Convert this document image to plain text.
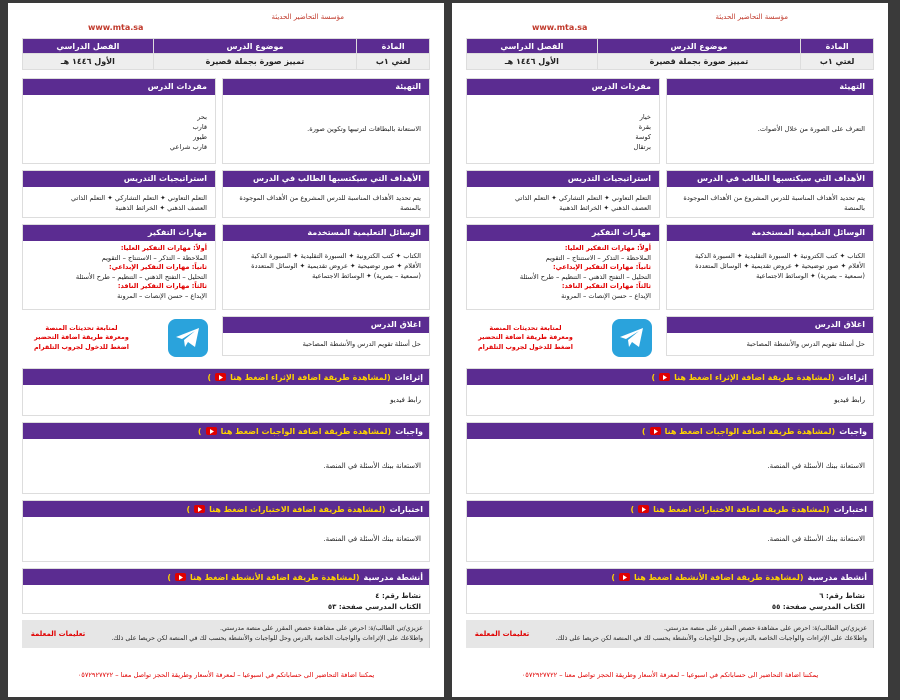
مؤسسة التحاضير الحديثة
www.mta.sa
المادة	موضوع الدرس	الفصل الدراسي
لغتي ١ب	تمييز صورة بجملة قصيرة	الأول ١٤٤٦ هـ
التهيئة
التعرف على الصورة من خلال الأصوات.
الأهداف التي سيكتسبها الطالب في الدرس
يتم تحديد الأهداف المناسبة للدرس المشروع من الأهداف الموجودة بالمنصة
الوسائل التعليمية المستخدمة
الكتاب ✦ كتب الكترونية ✦ السبورة التقليدية ✦ السبورة الذكية
الأقلام ✦ صور توضيحية ✦ عروض تقديمية ✦ الوسائل المتعددة
(سمعية – بصرية) ✦ الوسائط الاجتماعية
اغلاق الدرس
حل أسئلة تقويم الدرس والأنشطة المصاحبة
مفردات الدرس
خيار
بقرة
كوسة
برتقال
استراتيجيات التدريس
التعلم التعاوني ✦ التعلم التشاركي ✦ التعلم الذاتي
العصف الذهني ✦ الخرائط الذهنية
مهارات التفكير
أولاً: مهارات التفكير العليا:
الملاحظة – التذكر – الاستنتاج – التقويم
ثانياً: مهارات التفكير الإبداعي:
التحليل – التفتح الذهني – التنظيم – طرح الأسئلة
ثالثاً: مهارات التفكير الناقد:
الإبداع – حسن الإنصات – المرونة
لمتابعة تحديثات المنصة
ومعرفة طريقة اضافة التحضير
اضغط للدخول لجروب التلقرام
إثراءات
(لمشاهدة طريقة اضافة الإثراء اضغط هنا
)
رابط فيديو
واجبات
(لمشاهدة طريقة اضافة الواجبات اضغط هنا
)
الاستعانة ببنك الأسئلة في المنصة.
اختبارات
(لمشاهدة طريقة اضافة الاختبارات اضغط هنا
)
الاستعانة ببنك الأسئلة في المنصة.
أنشطة مدرسية
(لمشاهدة طريقة اضافة الأنشطة اضغط هنا
)
نشاط رقم: ٦
الكتاب المدرسي صفحة: ٥٥
عزيزي/تي الطالب/ة: احرص على مشاهدة حصص المقرر على منصة مدرستي.
واطلاعك على الإثراءات والواجبات الخاصة بالدرس وحل للواجبات والأنشطة يحسب لك في المنصة لكن حريصا على ذلك.
تعليمات المعلمة
يمكننا اضافة التحاضير الى حساباتكم في اسبوعيا – لمعرفة الأسعار وطريقة الحجز تواصل معنا – ٠٥٧٢٩٢٧٧٢٢
مؤسسة التحاضير الحديثة
www.mta.sa
المادة	موضوع الدرس	الفصل الدراسي
لغتي ١ب	تمييز صورة بجملة قصيرة	الأول ١٤٤٦ هـ
التهيئة
الاستعانة بالبطاقات لترتيبها وتكوين صورة.
الأهداف التي سيكتسبها الطالب في الدرس
يتم تحديد الأهداف المناسبة للدرس المشروع من الأهداف الموجودة بالمنصة
الوسائل التعليمية المستخدمة
الكتاب ✦ كتب الكترونية ✦ السبورة التقليدية ✦ السبورة الذكية
الأقلام ✦ صور توضيحية ✦ عروض تقديمية ✦ الوسائل المتعددة
(سمعية – بصرية) ✦ الوسائط الاجتماعية
اغلاق الدرس
حل أسئلة تقويم الدرس والأنشطة المصاحبة
مفردات الدرس
بحر
قارب
طيور
قارب شراعي
استراتيجيات التدريس
التعلم التعاوني ✦ التعلم التشاركي ✦ التعلم الذاتي
العصف الذهني ✦ الخرائط الذهنية
مهارات التفكير
أولاً: مهارات التفكير العليا:
الملاحظة – التذكر – الاستنتاج – التقويم
ثانياً: مهارات التفكير الإبداعي:
التحليل – التفتح الذهني – التنظيم – طرح الأسئلة
ثالثاً: مهارات التفكير الناقد:
الإبداع – حسن الإنصات – المرونة
لمتابعة تحديثات المنصة
ومعرفة طريقة اضافة التحضير
اضغط للدخول لجروب التلقرام
إثراءات
(لمشاهدة طريقة اضافة الإثراء اضغط هنا
)
رابط فيديو
واجبات
(لمشاهدة طريقة اضافة الواجبات اضغط هنا
)
الاستعانة ببنك الأسئلة في المنصة.
اختبارات
(لمشاهدة طريقة اضافة الاختبارات اضغط هنا
)
الاستعانة ببنك الأسئلة في المنصة.
أنشطة مدرسية
(لمشاهدة طريقة اضافة الأنشطة اضغط هنا
)
نشاط رقم: ٤
الكتاب المدرسي صفحة: ٥٣
عزيزي/تي الطالب/ة: احرص على مشاهدة حصص المقرر على منصة مدرستي.
واطلاعك على الإثراءات والواجبات الخاصة بالدرس وحل للواجبات والأنشطة يحسب لك في المنصة لكن حريصا على ذلك.
تعليمات المعلمة
يمكننا اضافة التحاضير الى حساباتكم في اسبوعيا – لمعرفة الأسعار وطريقة الحجز تواصل معنا – ٠٥٧٢٩٢٧٧٢٢
